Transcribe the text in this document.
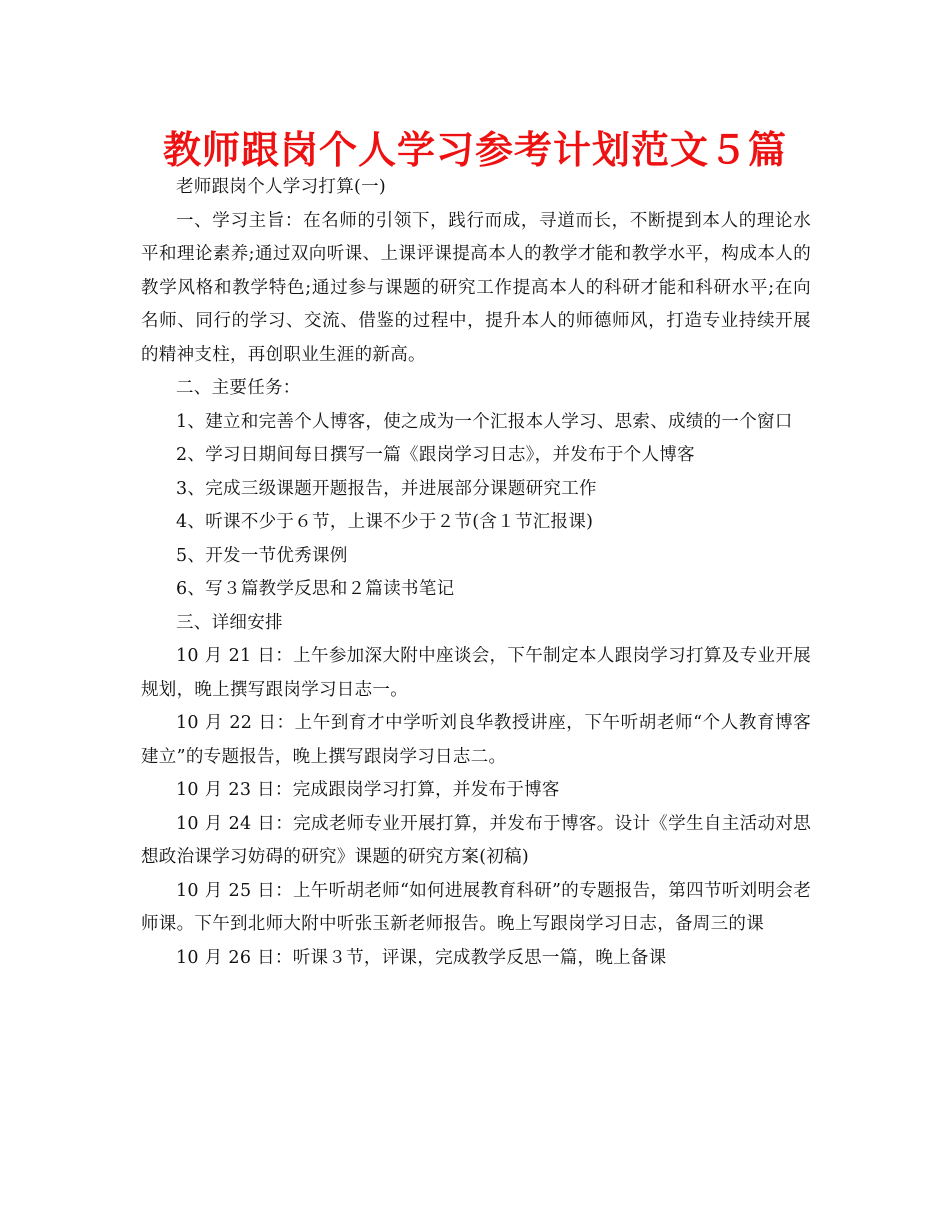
教师跟岗个人学习参考计划范文５篇

老师跟岗个人学习打算(一)

一、学习主旨：在名师的引领下，践行而成，寻道而长，不断提到本人的理论水平和理论素养;通过双向听课、上课评课提高本人的教学才能和教学水平，构成本人的教学风格和教学特色;通过参与课题的研究工作提高本人的科研才能和科研水平;在向名师、同行的学习、交流、借鉴的过程中，提升本人的师德师风，打造专业持续开展的精神支柱，再创职业生涯的新高。

二、主要任务：

1、建立和完善个人博客，使之成为一个汇报本人学习、思索、成绩的一个窗口

2、学习日期间每日撰写一篇《跟岗学习日志》，并发布于个人博客

3、完成三级课题开题报告，并进展部分课题研究工作

4、听课不少于６节，上课不少于２节(含１节汇报课)

5、开发一节优秀课例

6、写３篇教学反思和２篇读书笔记

三、详细安排

10 月 21 日：上午参加深大附中座谈会，下午制定本人跟岗学习打算及专业开展规划，晚上撰写跟岗学习日志一。

10 月 22 日：上午到育才中学听刘良华教授讲座，下午听胡老师“个人教育博客建立”的专题报告，晚上撰写跟岗学习日志二。

10 月 23 日：完成跟岗学习打算，并发布于博客

10 月 24 日：完成老师专业开展打算，并发布于博客。设计《学生自主活动对思想政治课学习妨碍的研究》课题的研究方案(初稿)

10 月 25 日：上午听胡老师“如何进展教育科研”的专题报告，第四节听刘明会老师课。下午到北师大附中听张玉新老师报告。晚上写跟岗学习日志，备周三的课

10 月 26 日：听课３节，评课，完成教学反思一篇，晚上备课
